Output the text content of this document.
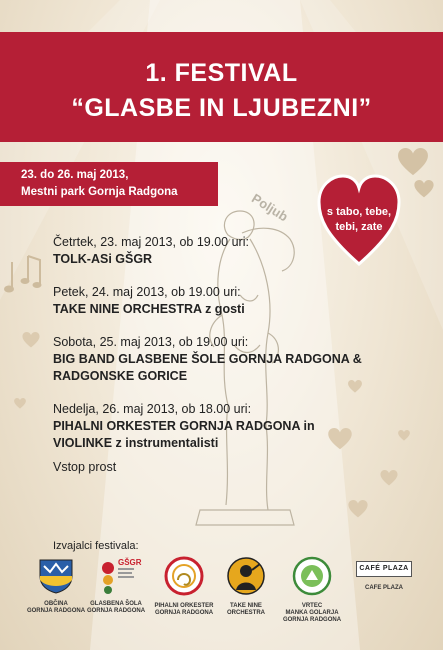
1. FESTIVAL
“GLASBE IN LJUBEZNI”
23. do 26. maj 2013,
Mestni park Gornja Radgona	Poljub	s tabo, tebe,
tebi, zate
Četrtek, 23. maj 2013, ob 19.00 uri:
TOLK-ASi GŠGR
Petek, 24. maj 2013, ob 19.00 uri:
TAKE NINE ORCHESTRA z gosti
Sobota, 25. maj 2013, ob 19.00 uri:
BIG BAND GLASBENE ŠOLE GORNJA RADGONA &
RADGONSKE GORICE
Nedelja, 26. maj 2013, ob 18.00 uri:
PIHALNI ORKESTER GORNJA RADGONA in
VIOLINKE z instrumentalisti
Vstop prost
Izvajalci festivala:
OBČINA
GORNJA RADGONA
GŠGR
GLASBENA ŠOLA
GORNJA RADGONA
PIHALNI ORKESTER
GORNJA RADGONA
TAKE NINE
ORCHESTRA
VRTEC
MANKA GOLARJA
GORNJA RADGONA
CAFÉ PLAZA
CAFE PLAZA
